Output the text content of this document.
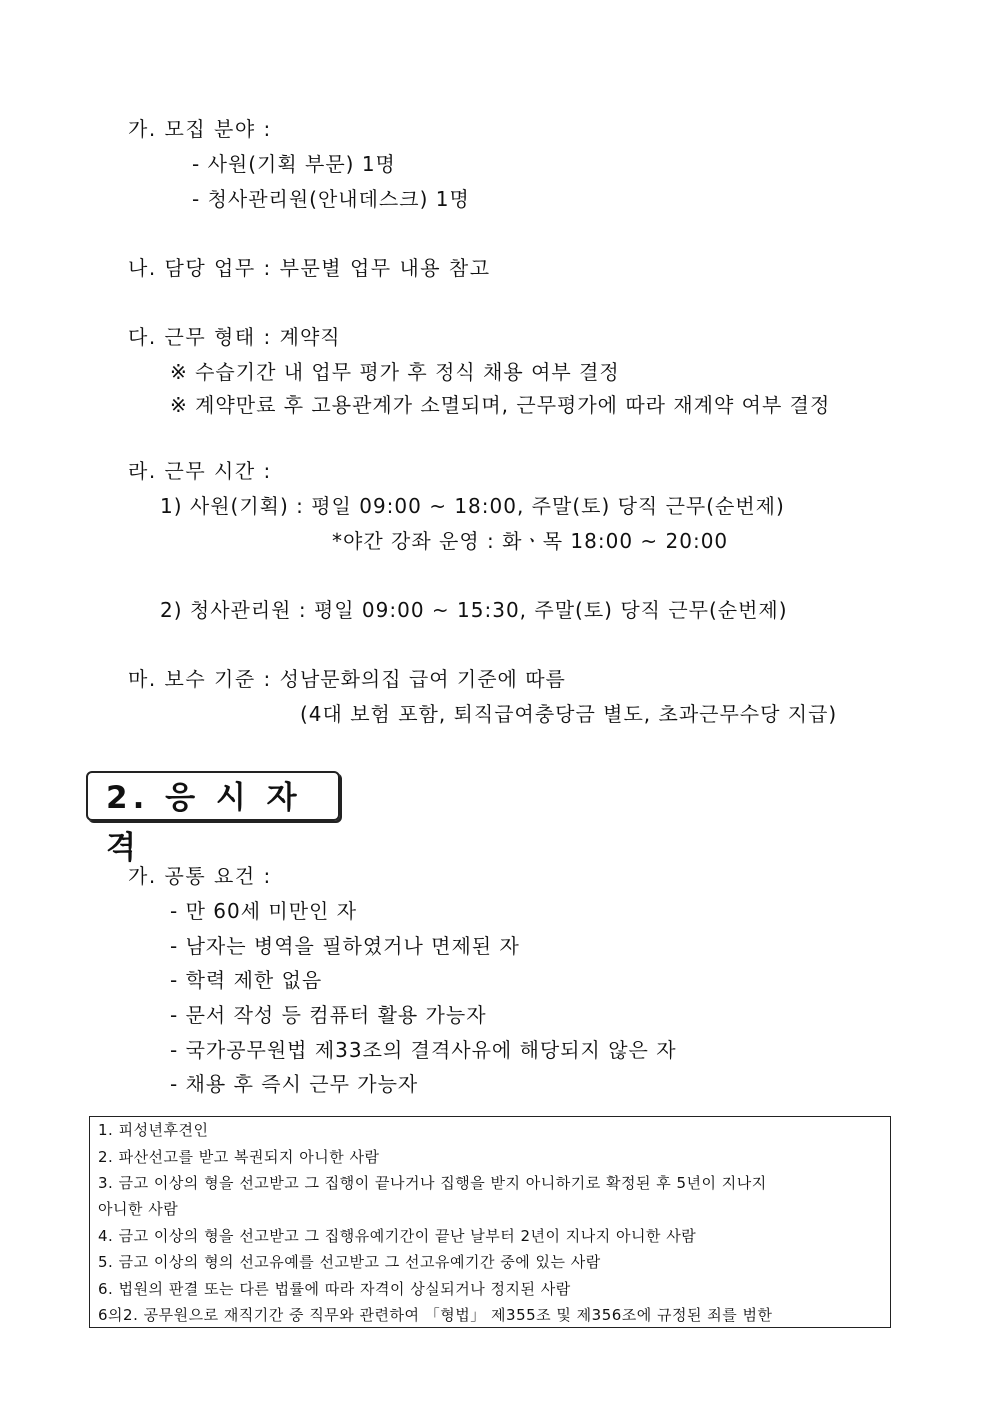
가. 모집 분야 :
- 사원(기획 부문) 1명
- 청사관리원(안내데스크) 1명
나. 담당 업무 : 부문별 업무 내용 참고
다. 근무 형태 : 계약직
※ 수습기간 내 업무 평가 후 정식 채용 여부 결정
※ 계약만료 후 고용관계가 소멸되며, 근무평가에 따라 재계약 여부 결정
라. 근무 시간 :
1) 사원(기획) : 평일 09:00 ~ 18:00, 주말(토) 당직 근무(순번제)
*야간 강좌 운영 : 화ㆍ목 18:00 ~ 20:00
2) 청사관리원 : 평일 09:00 ~ 15:30, 주말(토) 당직 근무(순번제)
마. 보수 기준 : 성남문화의집 급여 기준에 따름
(4대 보험 포함, 퇴직급여충당금 별도, 초과근무수당 지급)
2. 응 시 자 격
가. 공통 요건 :
- 만 60세 미만인 자
- 남자는 병역을 필하였거나 면제된 자
- 학력 제한 없음
- 문서 작성 등 컴퓨터 활용 가능자
- 국가공무원법 제33조의 결격사유에 해당되지 않은 자
- 채용 후 즉시 근무 가능자
1. 피성년후견인
2. 파산선고를 받고 복권되지 아니한 사람
3. 금고 이상의 형을 선고받고 그 집행이 끝나거나 집행을 받지 아니하기로 확정된 후 5년이 지나지
아니한 사람
4. 금고 이상의 형을 선고받고 그 집행유예기간이 끝난 날부터 2년이 지나지 아니한 사람
5. 금고 이상의 형의 선고유예를 선고받고 그 선고유예기간 중에 있는 사람
6. 법원의 판결 또는 다른 법률에 따라 자격이 상실되거나 정지된 사람
6의2. 공무원으로 재직기간 중 직무와 관련하여 「형법」 제355조 및 제356조에 규정된 죄를 범한
